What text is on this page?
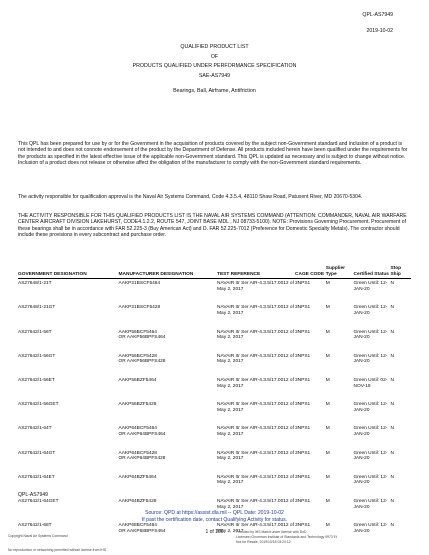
QPL-AS7949
2019-10-02
QUALIFIED PRODUCT LIST
OF
PRODUCTS QUALIFIED UNDER PERFORMANCE SPECIFICATION
SAE-AS7949
Bearings, Ball, Airframe, Antifriction
This QPL has been prepared for use by or for the Government in the acquisition of products covered by the subject non-Government standard and inclusion of a product is not intended to and does not connote endorsement of the product by the Department of Defense. All products included herein have been qualified under the requirements for the products as specified in the latest effective issue of the applicable non-Government standard. This QPL is updated as necessary and is subject to change without notice. Inclusion of a product does not release or otherwise affect the obligation of the manufacturer to comply with the non-Government standard requirements.
The activity responsible for qualification approval is the Naval Air Systems Command, Code 4.3.5.4, 48110 Shaw Road, Patuxent River, MD 20670-5304.
THE ACTIVITY RESPONSIBLE FOR THIS QUALIFIED PRODUCTS LIST IS THE NAVAL AIR SYSTEMS COMMAND (ATTENTION: COMMANDER, NAVAL AIR WARFARE CENTER AIRCRAFT DIVISION LAKEHURST, CODE4.1.2.2, ROUTE 547, JOINT BASE MDL , NJ 08733-5100). NOTE: Provisions Governing Procurement. Procurement of these bearings shall be in accordance with FAR 52.225-3 (Buy American Act) and D. FAR 52.225-7012 (Preference for Domestic Specialty Metals). The contractor should include these provisions in every subcontract and purchase order.
GOVERNMENT DESIGNATION	MANUFACTURER DESIGNATION	TEST REFERENCE	CAGE CODE	Supplier Type	Certified Status	Stop Ship
AS27648/1-21T	AAKP21BSCF5464	NAVAIR Itr Ser AIR-4.3.5/17.0012 of May 2, 2017	3NPS1	M	Green Until: 12-JAN-20	N
AS27648/1-21GT	AAKP21BSCF5428	NAVAIR Itr Ser AIR-4.3.5/17.0012 of May 2, 2017	3NPS1	M	Green Until: 12-JAN-20	N
AS27642/1-56T	AAKP56BCF5464
OR AAKP56BPFS464	NAVAIR Itr Ser AIR-4.3.5/17.0012 of May 2, 2017	3NPS1	M	Green Until: 12-JAN-20	N
AS27642/1-56GT	AAKP56BCF5428
OR AAKP56BPFS428	NAVAIR Itr Ser AIR-4.3.5/17.0012 of May 2, 2017	3NPS1	M	Green Until: 12-JAN-20	N
AS27642/1-56ET	AAKP56BZF5464	NAVAIR Itr Ser AIR-4.3.5/17.0012 of May 2, 2017	3NPS1	M	Green Until: 02-NOV-19	N
AS27642/1-56GET	AAKP56BZF5428	NAVAIR Itr Ser AIR-4.3.5/17.0012 of May 2, 2017	3NPS1	M	Green Until: 12-JAN-20	N
AS27642/1-64T	AAKP64BCF5464
OR AAKP64BPFS464	NAVAIR Itr Ser AIR-4.3.5/17.0012 of May 2, 2017	3NPS1	M	Green Until: 12-JAN-20	N
AS27642/1-64GT	AAKP64BCF5428
OR AAKP64BPFS428	NAVAIR Itr Ser AIR-4.3.5/17.0012 of May 2, 2017	3NPS1	M	Green Until: 12-JAN-20	N
AS27642/1-64ET	AAKP64BZF5464	NAVAIR Itr Ser AIR-4.3.5/17.0012 of May 2, 2017	3NPS1	M	Green Until: 12-JAN-20	N
AS27642/1-64GET	AAKP64BZF5428	NAVAIR Itr Ser AIR-4.3.5/17.0012 of May 2, 2017	3NPS1	M	Green Until: 12-JAN-20	N
AS27642/1-68T	AAKP68BCF5464
OR AAKP68BPFS464	NAVAIR Itr Ser AIR-4.3.5/17.0012 of May 2, 2017	3NPS1	M	Green Until: 12-JAN-20	N
QPL-AS7949
Source: QPD at https://assist.dla.mil -- QPL Date: 2019-10-02
If past the certification date, contact Qualifying Activity for status.
1 of 100
Copyright Naval Air Systems Command
No reproduction or networking permitted without license from IHS
Provided by IHS Markit under license with DoD
Licensee=Grumman Institute of Standards and Technology 9973 Et
Not for Resale, 2019/10/18 03:20:12
